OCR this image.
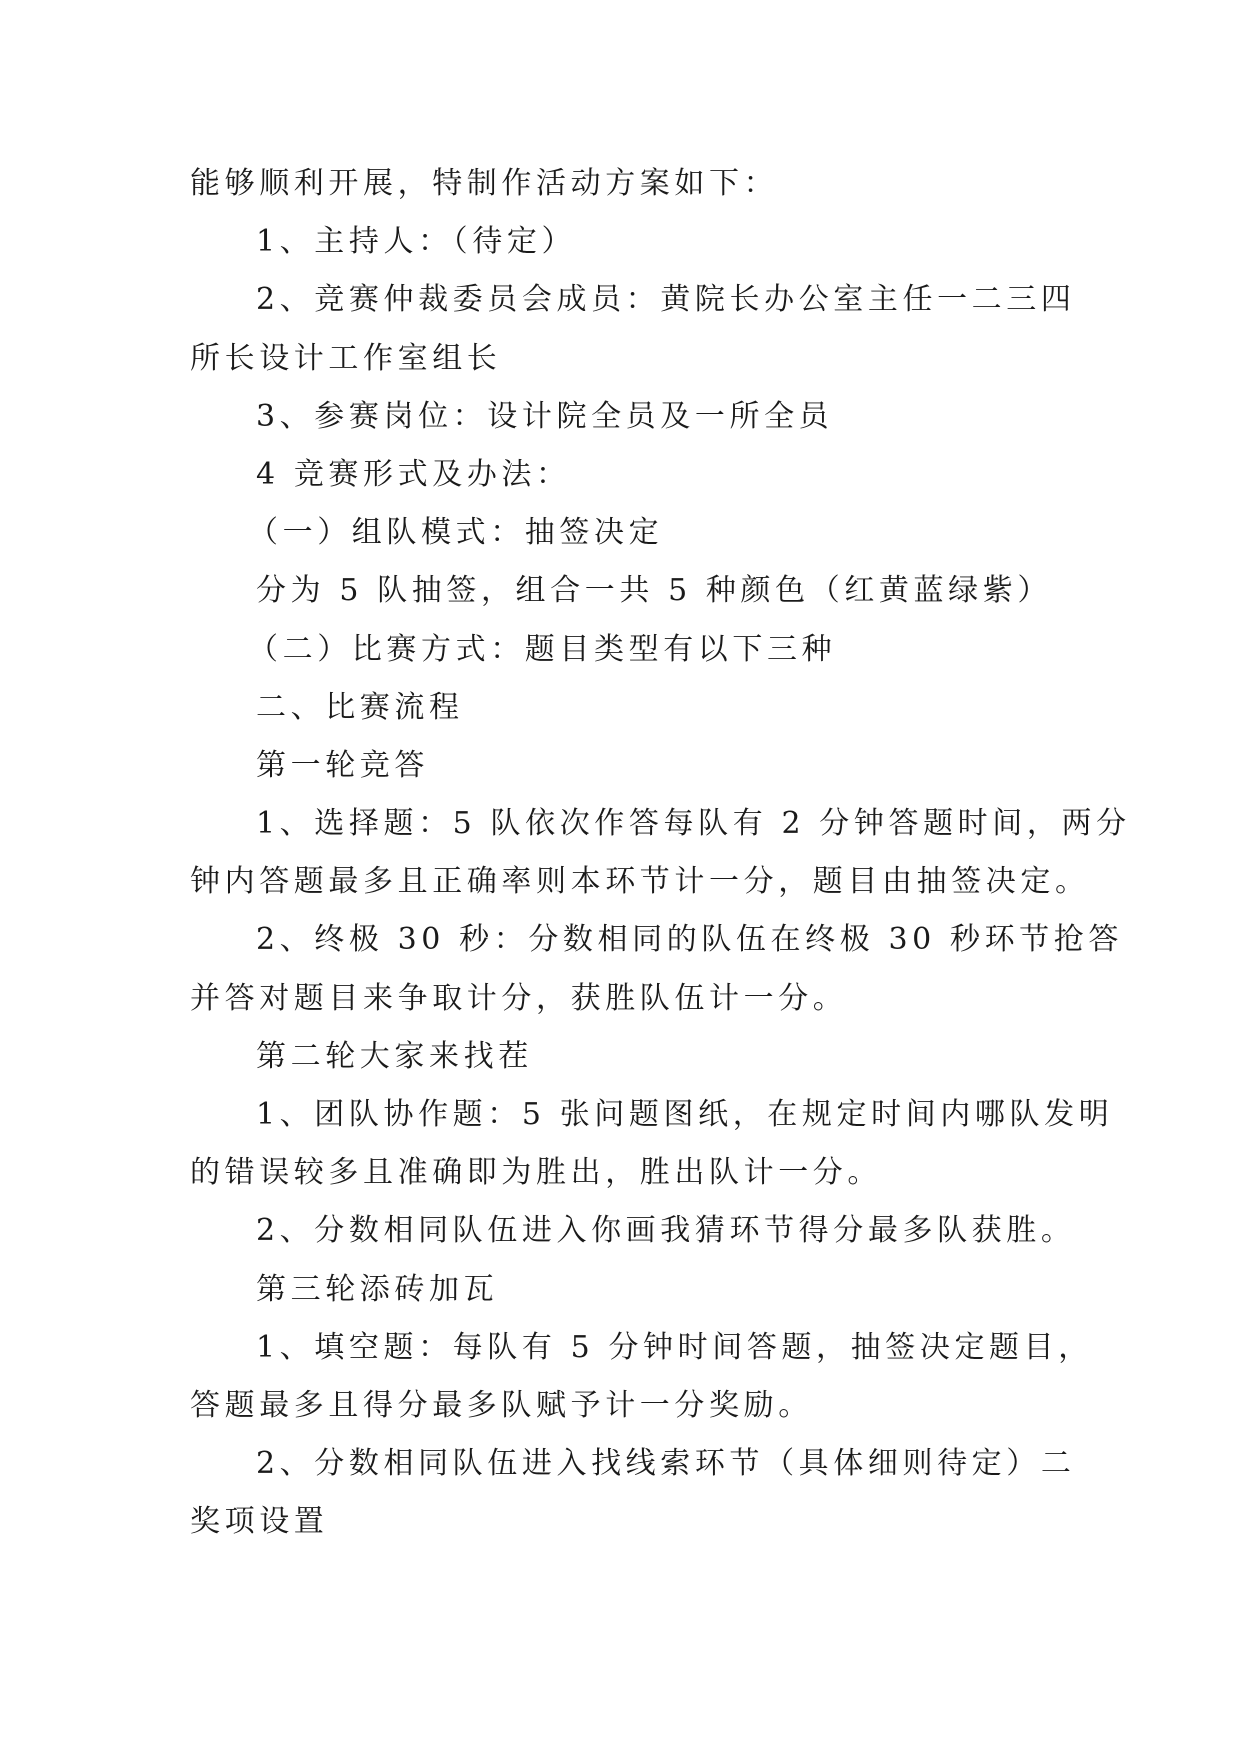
能够顺利开展，特制作活动方案如下：

1、主持人：（待定）

2、竞赛仲裁委员会成员：黄院长办公室主任一二三四

所长设计工作室组长

3、参赛岗位：设计院全员及一所全员

4 竞赛形式及办法：

（一）组队模式：抽签决定

分为 5 队抽签，组合一共 5 种颜色（红黄蓝绿紫）

（二）比赛方式：题目类型有以下三种

二、比赛流程

第一轮竞答

1、选择题：5 队依次作答每队有 2 分钟答题时间，两分

钟内答题最多且正确率则本环节计一分，题目由抽签决定。

2、终极 30 秒：分数相同的队伍在终极 30 秒环节抢答

并答对题目来争取计分，获胜队伍计一分。

第二轮大家来找茬

1、团队协作题：5 张问题图纸，在规定时间内哪队发明

的错误较多且准确即为胜出，胜出队计一分。

2、分数相同队伍进入你画我猜环节得分最多队获胜。

第三轮添砖加瓦

1、填空题：每队有 5 分钟时间答题，抽签决定题目，

答题最多且得分最多队赋予计一分奖励。

2、分数相同队伍进入找线索环节（具体细则待定）二

奖项设置
